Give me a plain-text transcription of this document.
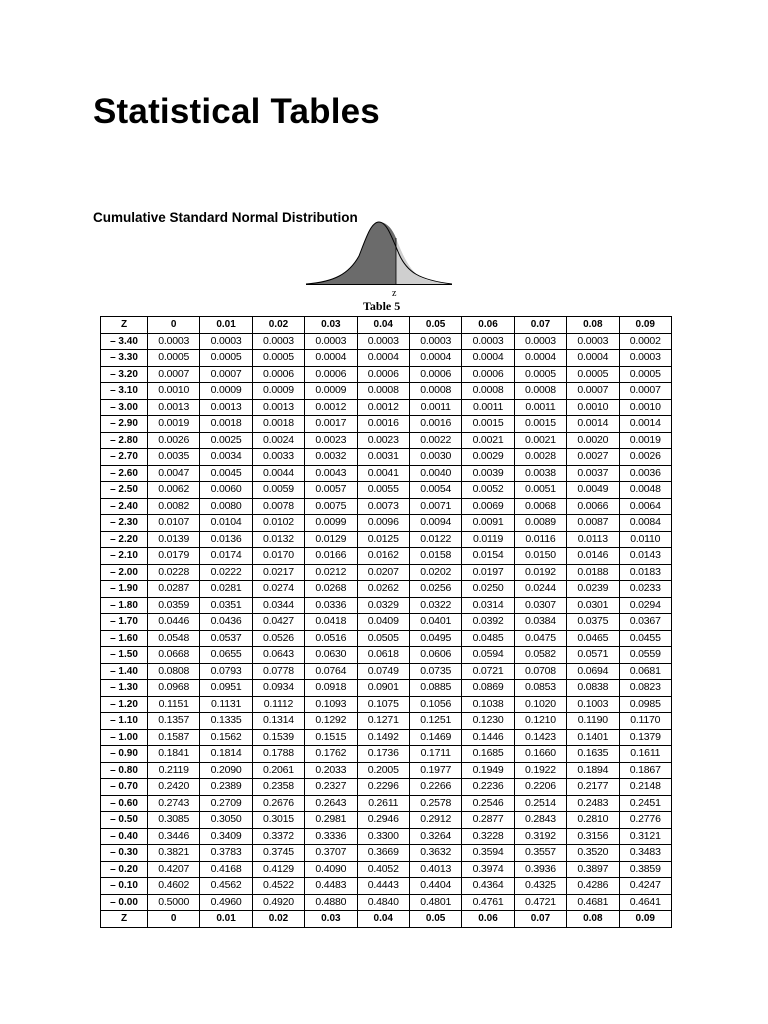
Statistical Tables
Cumulative Standard Normal Distribution
z
Table 5
Z	0	0.01	0.02	0.03	0.04	0.05	0.06	0.07	0.08	0.09
– 3.40	0.0003	0.0003	0.0003	0.0003	0.0003	0.0003	0.0003	0.0003	0.0003	0.0002
– 3.30	0.0005	0.0005	0.0005	0.0004	0.0004	0.0004	0.0004	0.0004	0.0004	0.0003
– 3.20	0.0007	0.0007	0.0006	0.0006	0.0006	0.0006	0.0006	0.0005	0.0005	0.0005
– 3.10	0.0010	0.0009	0.0009	0.0009	0.0008	0.0008	0.0008	0.0008	0.0007	0.0007
– 3.00	0.0013	0.0013	0.0013	0.0012	0.0012	0.0011	0.0011	0.0011	0.0010	0.0010
– 2.90	0.0019	0.0018	0.0018	0.0017	0.0016	0.0016	0.0015	0.0015	0.0014	0.0014
– 2.80	0.0026	0.0025	0.0024	0.0023	0.0023	0.0022	0.0021	0.0021	0.0020	0.0019
– 2.70	0.0035	0.0034	0.0033	0.0032	0.0031	0.0030	0.0029	0.0028	0.0027	0.0026
– 2.60	0.0047	0.0045	0.0044	0.0043	0.0041	0.0040	0.0039	0.0038	0.0037	0.0036
– 2.50	0.0062	0.0060	0.0059	0.0057	0.0055	0.0054	0.0052	0.0051	0.0049	0.0048
– 2.40	0.0082	0.0080	0.0078	0.0075	0.0073	0.0071	0.0069	0.0068	0.0066	0.0064
– 2.30	0.0107	0.0104	0.0102	0.0099	0.0096	0.0094	0.0091	0.0089	0.0087	0.0084
– 2.20	0.0139	0.0136	0.0132	0.0129	0.0125	0.0122	0.0119	0.0116	0.0113	0.0110
– 2.10	0.0179	0.0174	0.0170	0.0166	0.0162	0.0158	0.0154	0.0150	0.0146	0.0143
– 2.00	0.0228	0.0222	0.0217	0.0212	0.0207	0.0202	0.0197	0.0192	0.0188	0.0183
– 1.90	0.0287	0.0281	0.0274	0.0268	0.0262	0.0256	0.0250	0.0244	0.0239	0.0233
– 1.80	0.0359	0.0351	0.0344	0.0336	0.0329	0.0322	0.0314	0.0307	0.0301	0.0294
– 1.70	0.0446	0.0436	0.0427	0.0418	0.0409	0.0401	0.0392	0.0384	0.0375	0.0367
– 1.60	0.0548	0.0537	0.0526	0.0516	0.0505	0.0495	0.0485	0.0475	0.0465	0.0455
– 1.50	0.0668	0.0655	0.0643	0.0630	0.0618	0.0606	0.0594	0.0582	0.0571	0.0559
– 1.40	0.0808	0.0793	0.0778	0.0764	0.0749	0.0735	0.0721	0.0708	0.0694	0.0681
– 1.30	0.0968	0.0951	0.0934	0.0918	0.0901	0.0885	0.0869	0.0853	0.0838	0.0823
– 1.20	0.1151	0.1131	0.1112	0.1093	0.1075	0.1056	0.1038	0.1020	0.1003	0.0985
– 1.10	0.1357	0.1335	0.1314	0.1292	0.1271	0.1251	0.1230	0.1210	0.1190	0.1170
– 1.00	0.1587	0.1562	0.1539	0.1515	0.1492	0.1469	0.1446	0.1423	0.1401	0.1379
– 0.90	0.1841	0.1814	0.1788	0.1762	0.1736	0.1711	0.1685	0.1660	0.1635	0.1611
– 0.80	0.2119	0.2090	0.2061	0.2033	0.2005	0.1977	0.1949	0.1922	0.1894	0.1867
– 0.70	0.2420	0.2389	0.2358	0.2327	0.2296	0.2266	0.2236	0.2206	0.2177	0.2148
– 0.60	0.2743	0.2709	0.2676	0.2643	0.2611	0.2578	0.2546	0.2514	0.2483	0.2451
– 0.50	0.3085	0.3050	0.3015	0.2981	0.2946	0.2912	0.2877	0.2843	0.2810	0.2776
– 0.40	0.3446	0.3409	0.3372	0.3336	0.3300	0.3264	0.3228	0.3192	0.3156	0.3121
– 0.30	0.3821	0.3783	0.3745	0.3707	0.3669	0.3632	0.3594	0.3557	0.3520	0.3483
– 0.20	0.4207	0.4168	0.4129	0.4090	0.4052	0.4013	0.3974	0.3936	0.3897	0.3859
– 0.10	0.4602	0.4562	0.4522	0.4483	0.4443	0.4404	0.4364	0.4325	0.4286	0.4247
– 0.00	0.5000	0.4960	0.4920	0.4880	0.4840	0.4801	0.4761	0.4721	0.4681	0.4641
Z	0	0.01	0.02	0.03	0.04	0.05	0.06	0.07	0.08	0.09
